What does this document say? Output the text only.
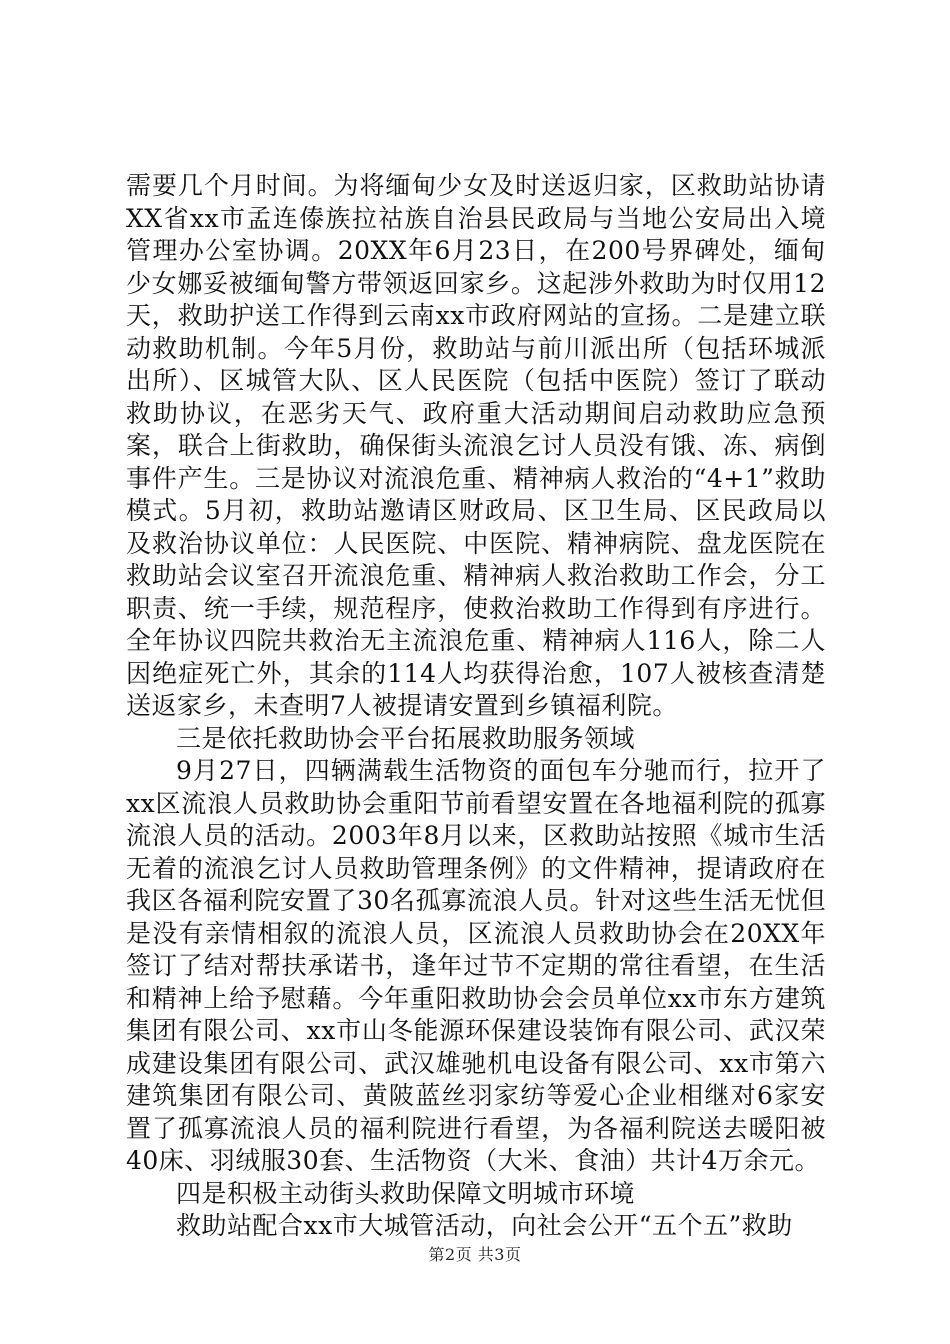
需要几个月时间。为将缅甸少女及时送返归家，区救助站协请XX省xx市孟连傣族拉祜族自治县民政局与当地公安局出入境管理办公室协调。20XX年6月23日，在200号界碑处，缅甸少女娜妥被缅甸警方带领返回家乡。这起涉外救助为时仅用12天，救助护送工作得到云南xx市政府网站的宣扬。二是建立联动救助机制。今年5月份，救助站与前川派出所（包括环城派出所）、区城管大队、区人民医院（包括中医院）签订了联动救助协议，在恶劣天气、政府重大活动期间启动救助应急预案，联合上街救助，确保街头流浪乞讨人员没有饿、冻、病倒事件产生。三是协议对流浪危重、精神病人救治的“4+1”救助模式。5月初，救助站邀请区财政局、区卫生局、区民政局以及救治协议单位：人民医院、中医院、精神病院、盘龙医院在救助站会议室召开流浪危重、精神病人救治救助工作会，分工职责、统一手续，规范程序，使救治救助工作得到有序进行。全年协议四院共救治无主流浪危重、精神病人116人，除二人因绝症死亡外，其余的114人均获得治愈，107人被核查清楚送返家乡，未查明7人被提请安置到乡镇福利院。

三是依托救助协会平台拓展救助服务领域

9月27日，四辆满载生活物资的面包车分驰而行，拉开了xx区流浪人员救助协会重阳节前看望安置在各地福利院的孤寡流浪人员的活动。2003年8月以来，区救助站按照《城市生活无着的流浪乞讨人员救助管理条例》的文件精神，提请政府在我区各福利院安置了30名孤寡流浪人员。针对这些生活无忧但是没有亲情相叙的流浪人员，区流浪人员救助协会在20XX年签订了结对帮扶承诺书，逢年过节不定期的常往看望，在生活和精神上给予慰藉。今年重阳救助协会会员单位xx市东方建筑集团有限公司、xx市山冬能源环保建设装饰有限公司、武汉荣成建设集团有限公司、武汉雄驰机电设备有限公司、xx市第六建筑集团有限公司、黄陂蓝丝羽家纺等爱心企业相继对6家安置了孤寡流浪人员的福利院进行看望，为各福利院送去暖阳被40床、羽绒服30套、生活物资（大米、食油）共计4万余元。

四是积极主动街头救助保障文明城市环境

救助站配合xx市大城管活动，向社会公开“五个五”救助

第2页 共3页
